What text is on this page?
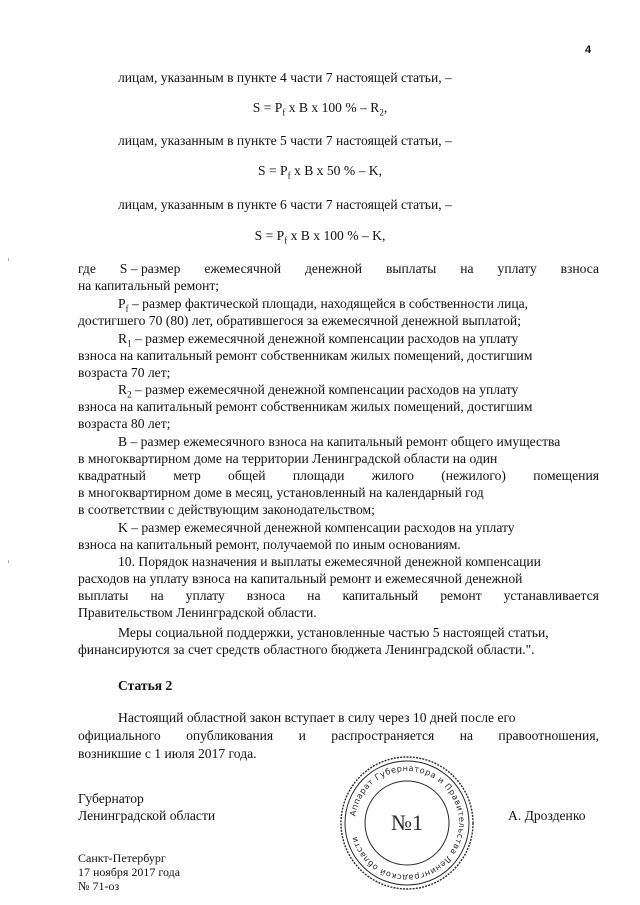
4
лицам, указанным в пункте 4 части 7 настоящей статьи, –
$S = P_f$ x B x 100 % – $R_2$,
лицам, указанным в пункте 5 части 7 настоящей статьи, –
$S = P_f$ x B x 50 % – K,
лицам, указанным в пункте 6 части 7 настоящей статьи, –
$S = P_f$ x B x 100 % – K,
где S – размер ежемесячной денежной выплаты на уплату взноса
на капитальный ремонт;
$P_f$ – размер фактической площади, находящейся в собственности лица,
достигшего 70 (80) лет, обратившегося за ежемесячной денежной выплатой;
$R_1$ – размер ежемесячной денежной компенсации расходов на уплату
взноса на капитальный ремонт собственникам жилых помещений, достигшим
возраста 70 лет;
$R_2$ – размер ежемесячной денежной компенсации расходов на уплату
взноса на капитальный ремонт собственникам жилых помещений, достигшим
возраста 80 лет;
В – размер ежемесячного взноса на капитальный ремонт общего имущества
в многоквартирном доме на территории Ленинградской области на один
квадратный метр общей площади жилого (нежилого) помещения
в многоквартирном доме в месяц, установленный на календарный год
в соответствии с действующим законодательством;
K – размер ежемесячной денежной компенсации расходов на уплату
взноса на капитальный ремонт, получаемой по иным основаниям.
10. Порядок назначения и выплаты ежемесячной денежной компенсации
расходов на уплату взноса на капитальный ремонт и ежемесячной денежной
выплаты на уплату взноса на капитальный ремонт устанавливается
Правительством Ленинградской области.
Меры социальной поддержки, установленные частью 5 настоящей статьи,
финансируются за счет средств областного бюджета Ленинградской области.".
Статья 2
Настоящий областной закон вступает в силу через 10 дней после его
официального опубликования и распространяется на правоотношения,
возникшие с 1 июля 2017 года.
Губернатор
Ленинградской области	А. Дрозденко
Аппарат Губернатора и Правительства Ленинградской области
№1
Санкт-Петербург
17 ноября 2017 года
№ 71-оз
